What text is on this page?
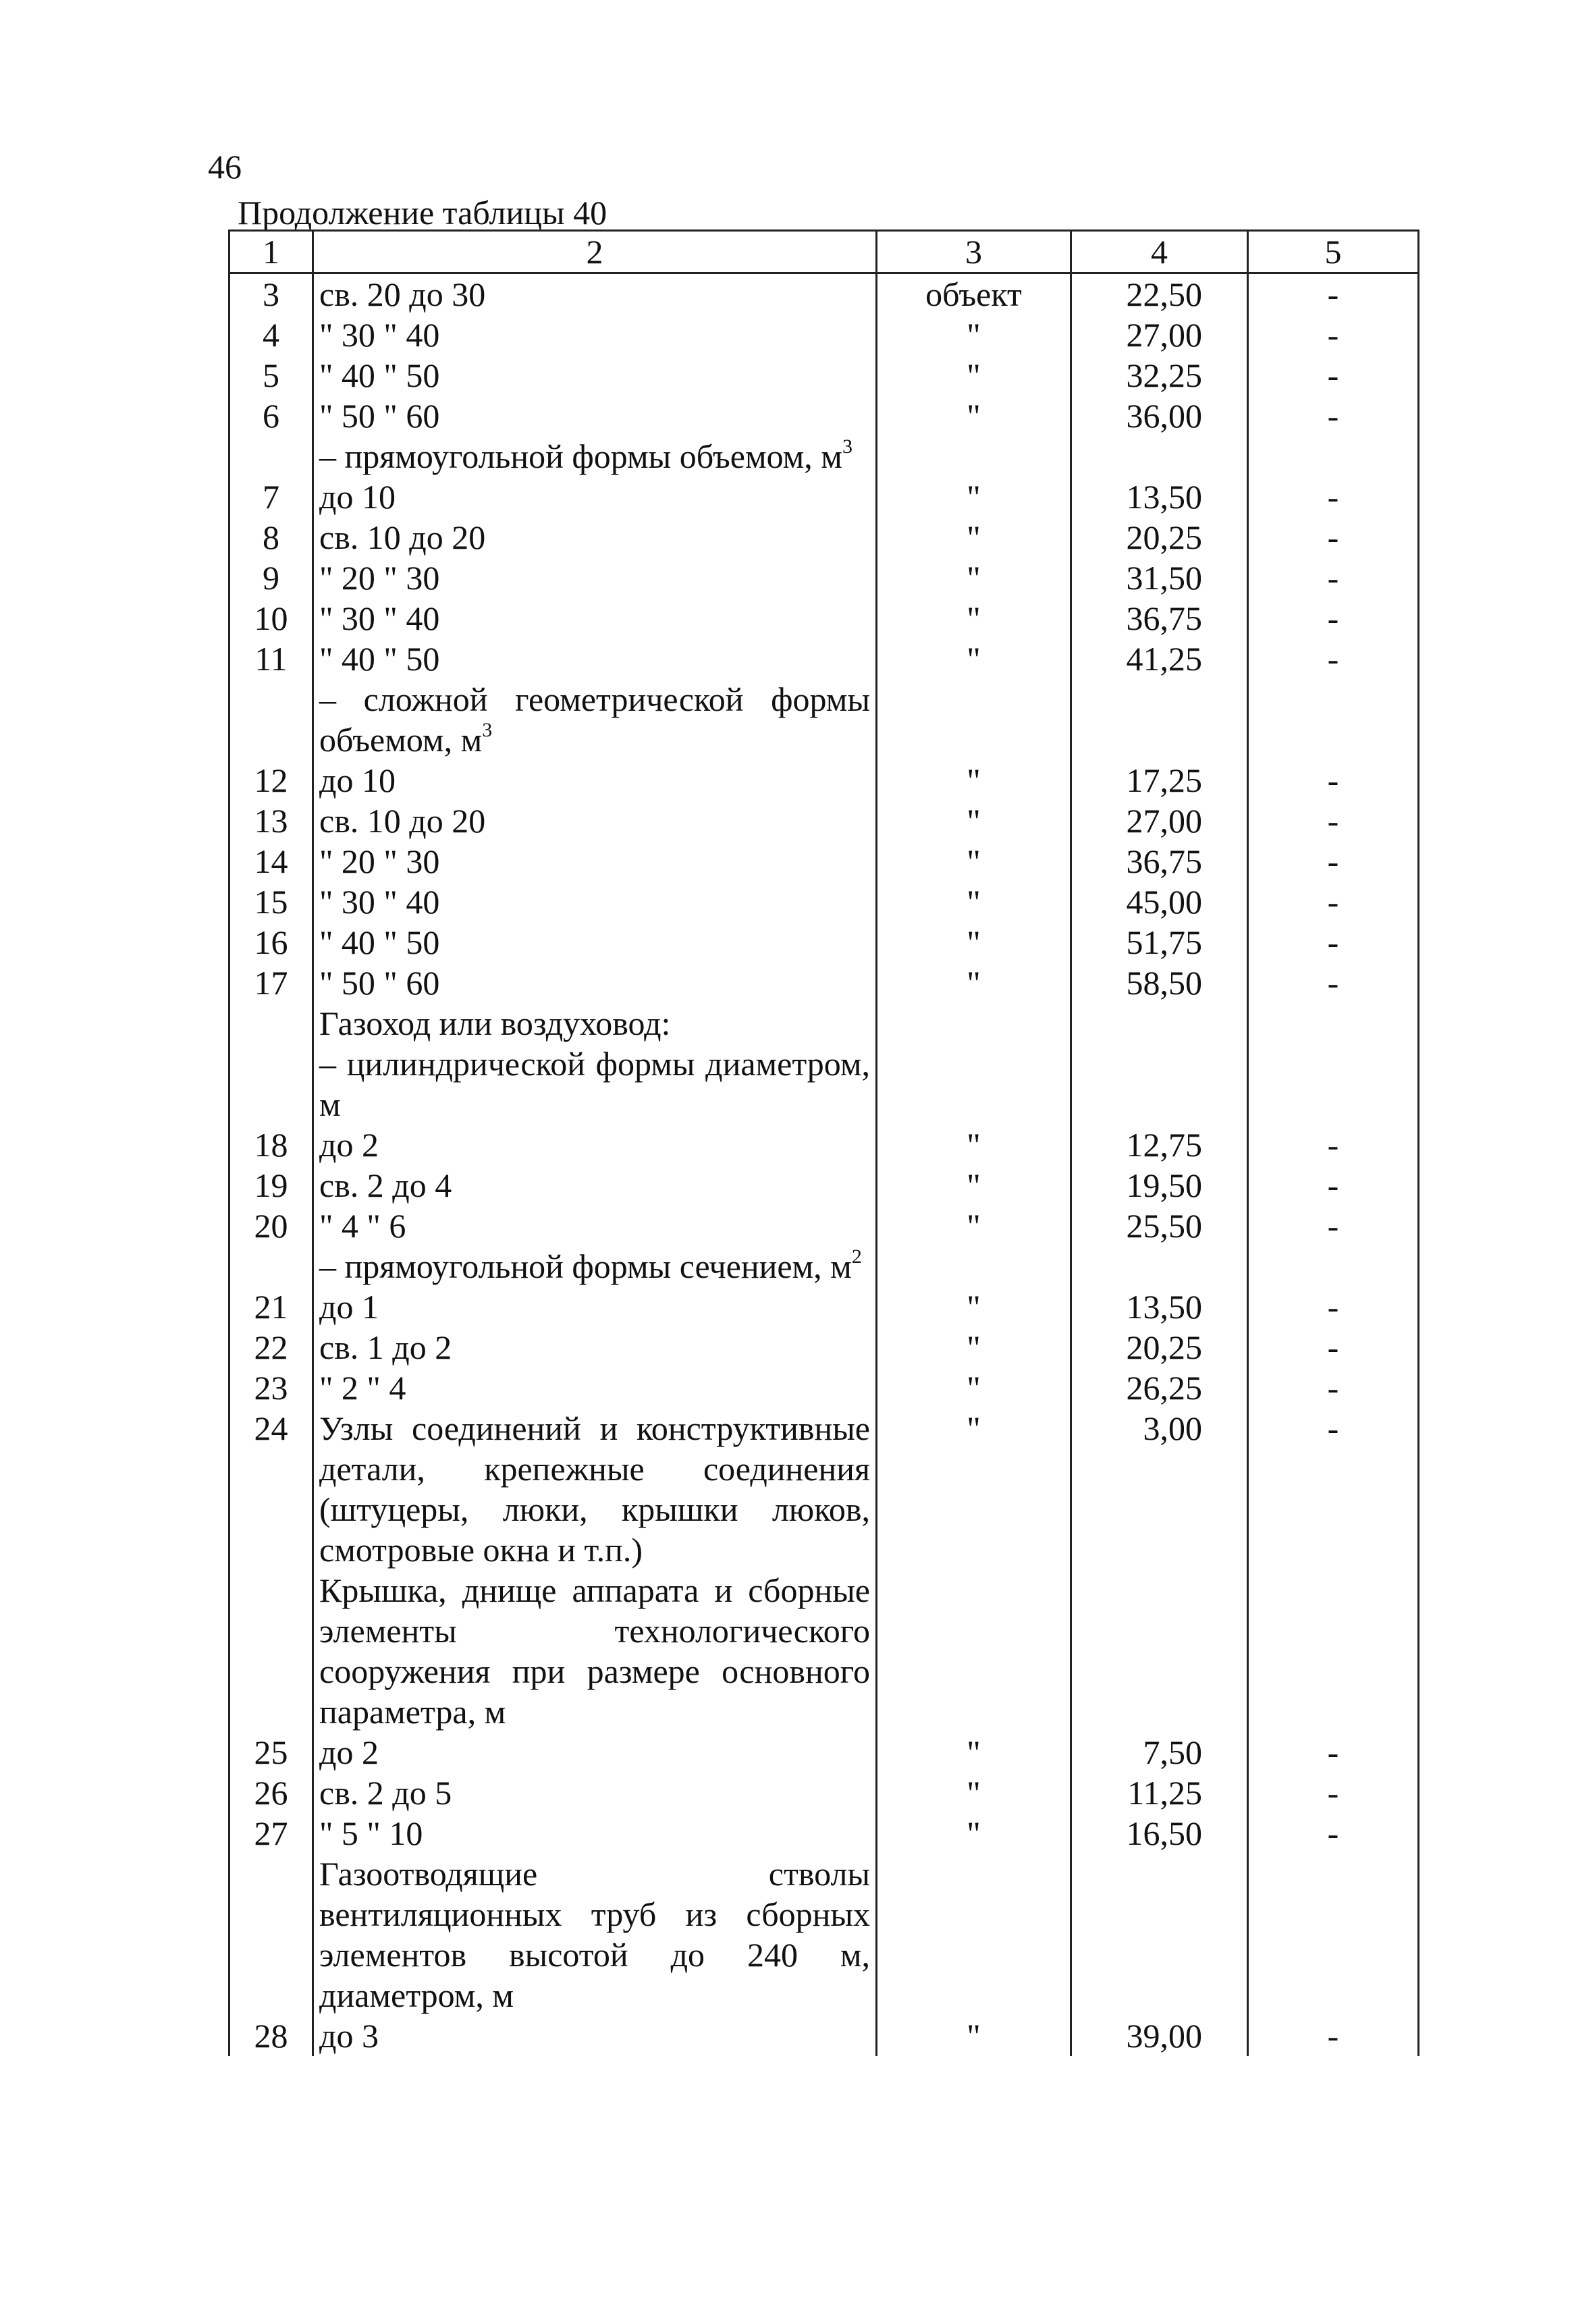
46
Продолжение таблицы 40
1	2	3	4	5
3	св. 20 до 30	объект	22,50	-
4	" 30 " 40	"	27,00	-
5	" 40 " 50	"	32,25	-
6	" 50 " 60	"	36,00	-
	– прямоугольной формы объемом, $м^3$			
7	до 10	"	13,50	-
8	св. 10 до 20	"	20,25	-
9	" 20 " 30	"	31,50	-
10	" 30 " 40	"	36,75	-
11	" 40 " 50	"	41,25	-
	– сложной геометрической формы объемом, $м^3$			
12	до 10	"	17,25	-
13	св. 10 до 20	"	27,00	-
14	" 20 " 30	"	36,75	-
15	" 30 " 40	"	45,00	-
16	" 40 " 50	"	51,75	-
17	" 50 " 60	"	58,50	-
	Газоход или воздуховод:			
	– цилиндрической формы диаметром, м			
18	до 2	"	12,75	-
19	св. 2 до 4	"	19,50	-
20	" 4 " 6	"	25,50	-
	– прямоугольной формы сечением, $м^2$			
21	до 1	"	13,50	-
22	св. 1 до 2	"	20,25	-
23	" 2 " 4	"	26,25	-
24	Узлы соединений и конструктивные детали, крепежные соединения (штуцеры, люки, крышки люков, смотровые окна и т.п.)	"	3,00	-
	Крышка, днище аппарата и сборные элементы технологического сооружения при размере основного параметра, м			
25	до 2	"	7,50	-
26	св. 2 до 5	"	11,25	-
27	" 5 " 10	"	16,50	-
	Газоотводящие стволы вентиляционных труб из сборных элементов высотой до 240 м, диаметром, м			
28	до 3	"	39,00	-
